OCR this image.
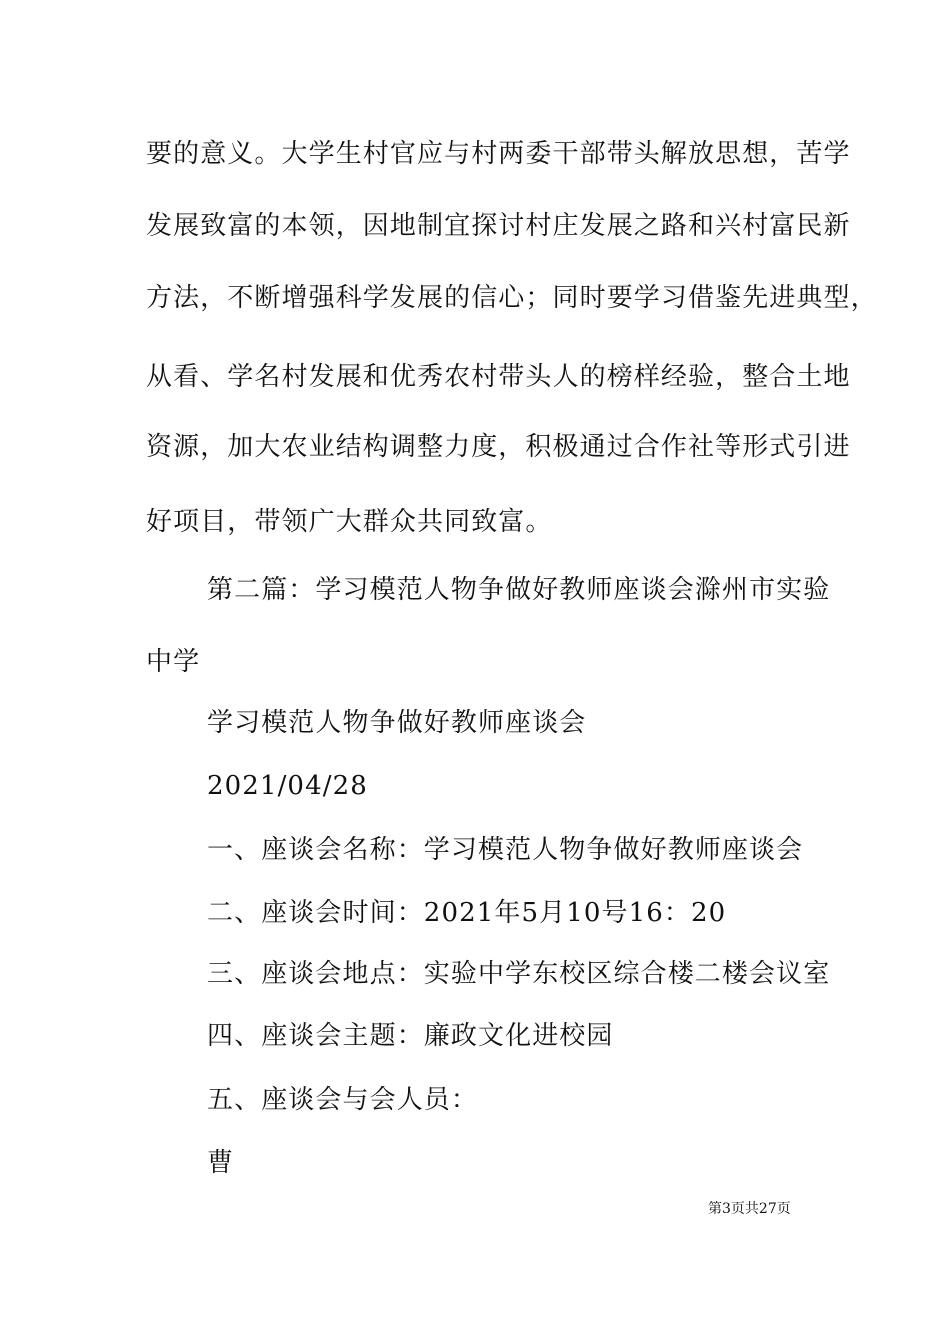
要的意义。大学生村官应与村两委干部带头解放思想，苦学
发展致富的本领，因地制宜探讨村庄发展之路和兴村富民新
方法，不断增强科学发展的信心；同时要学习借鉴先进典型，
从看、学名村发展和优秀农村带头人的榜样经验，整合土地
资源，加大农业结构调整力度，积极通过合作社等形式引进
好项目，带领广大群众共同致富。
第二篇：学习模范人物争做好教师座谈会滁州市实验
中学
学习模范人物争做好教师座谈会
2021/04/28
一、座谈会名称：学习模范人物争做好教师座谈会
二、座谈会时间：2021年5月10号16：20
三、座谈会地点：实验中学东校区综合楼二楼会议室
四、座谈会主题：廉政文化进校园
五、座谈会与会人员：
曹
第3页共27页
